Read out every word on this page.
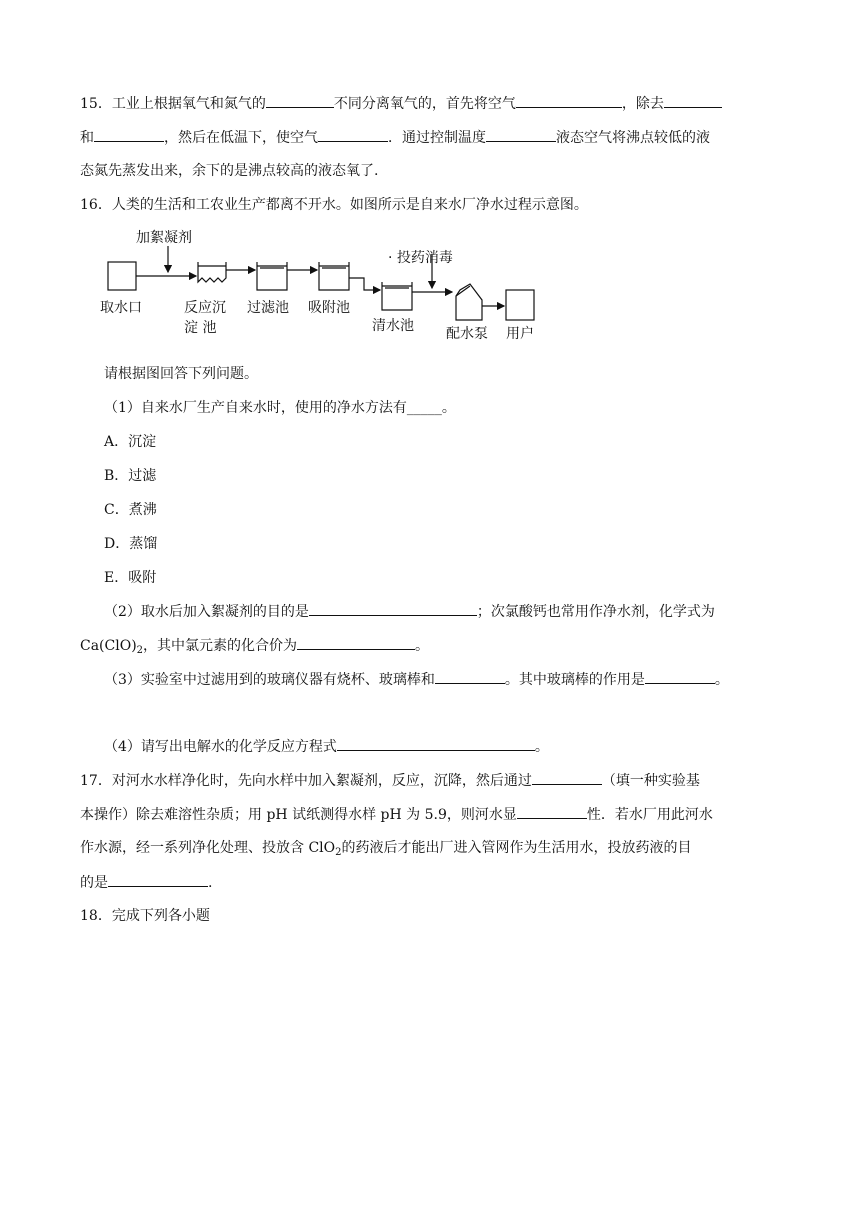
15．工业上根据氧气和氮气的	不同分离氧气的，首先将空气	，除去
和	，然后在低温下，使空气	．通过控制温度	液态空气将沸点较低的液
态氮先蒸发出来，余下的是沸点较高的液态氧了.
16．人类的生活和工农业生产都离不开水。如图所示是自来水厂净水过程示意图。
加絮凝剂
· 投药消毒
取水口	反应沉
淀 池
过滤池 吸附池
清水池 配水泵 用户
请根据图回答下列问题。
（1）自来水厂生产自来水时，使用的净水方法有_____。
A．沉淀
B．过滤
C．煮沸
D．蒸馏
E．吸附
（2）取水后加入絮凝剂的目的是	；次氯酸钙也常用作净水剂，化学式为
$Ca(ClO)_2$，其中氯元素的化合价为	。
（3）实验室中过滤用到的玻璃仪器有烧杯、玻璃棒和	。其中玻璃棒的作用是	。
（4）请写出电解水的化学反应方程式	。
17．对河水水样净化时，先向水样中加入絮凝剂，反应，沉降，然后通过	（填一种实验基
本操作）除去难溶性杂质；用 pH 试纸测得水样 pH 为 5.9，则河水显	性．若水厂用此河水
作水源，经一系列净化处理、投放含 ClO$_2$的药液后才能出厂进入管网作为生活用水，投放药液的目
的是	.
18．完成下列各小题
